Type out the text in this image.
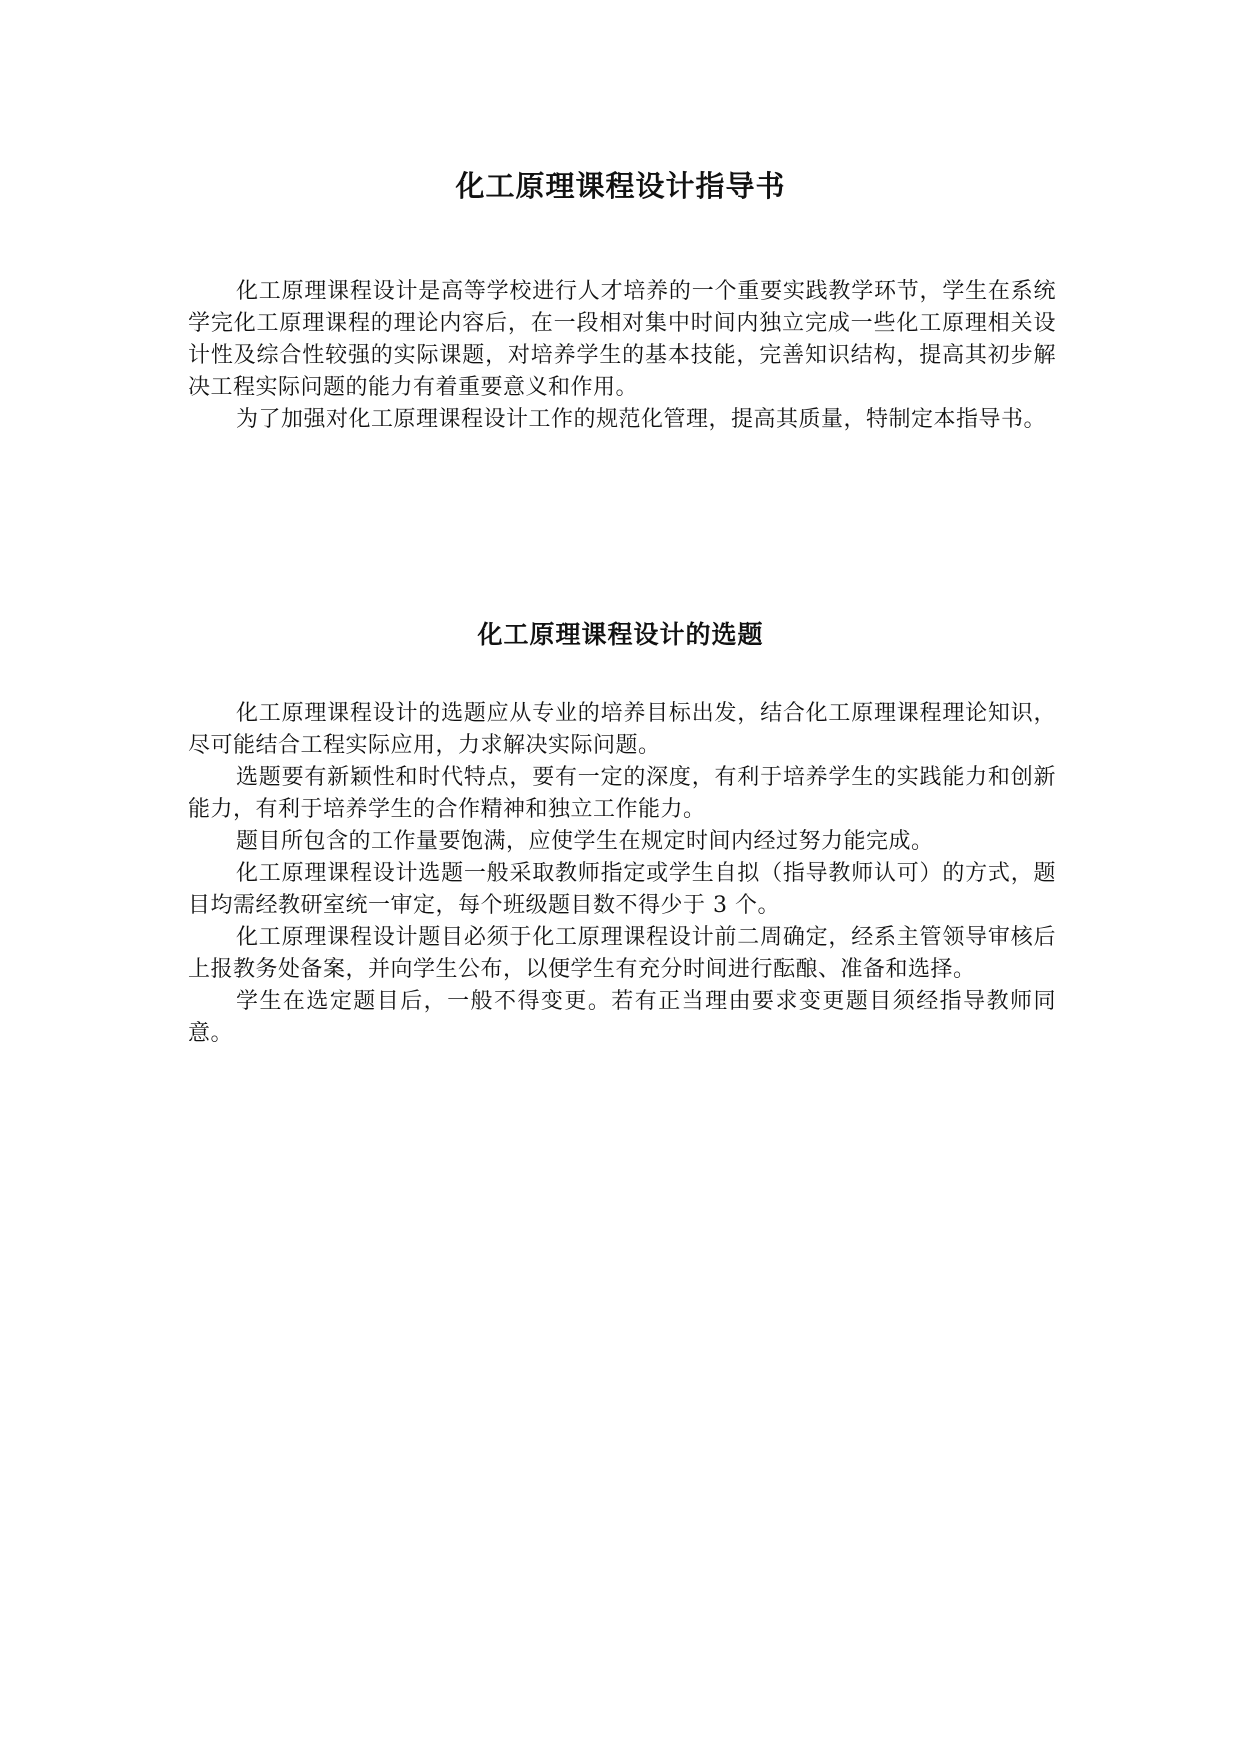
化工原理课程设计指导书

化工原理课程设计是高等学校进行人才培养的一个重要实践教学环节，学生在系统学完化工原理课程的理论内容后，在一段相对集中时间内独立完成一些化工原理相关设计性及综合性较强的实际课题，对培养学生的基本技能，完善知识结构，提高其初步解决工程实际问题的能力有着重要意义和作用。

为了加强对化工原理课程设计工作的规范化管理，提高其质量，特制定本指导书。

化工原理课程设计的选题

化工原理课程设计的选题应从专业的培养目标出发，结合化工原理课程理论知识，尽可能结合工程实际应用，力求解决实际问题。

选题要有新颖性和时代特点，要有一定的深度，有利于培养学生的实践能力和创新能力，有利于培养学生的合作精神和独立工作能力。

题目所包含的工作量要饱满，应使学生在规定时间内经过努力能完成。

化工原理课程设计选题一般采取教师指定或学生自拟（指导教师认可）的方式，题目均需经教研室统一审定，每个班级题目数不得少于 3 个。

化工原理课程设计题目必须于化工原理课程设计前二周确定，经系主管领导审核后上报教务处备案，并向学生公布，以便学生有充分时间进行酝酿、准备和选择。

学生在选定题目后，一般不得变更。若有正当理由要求变更题目须经指导教师同意。
